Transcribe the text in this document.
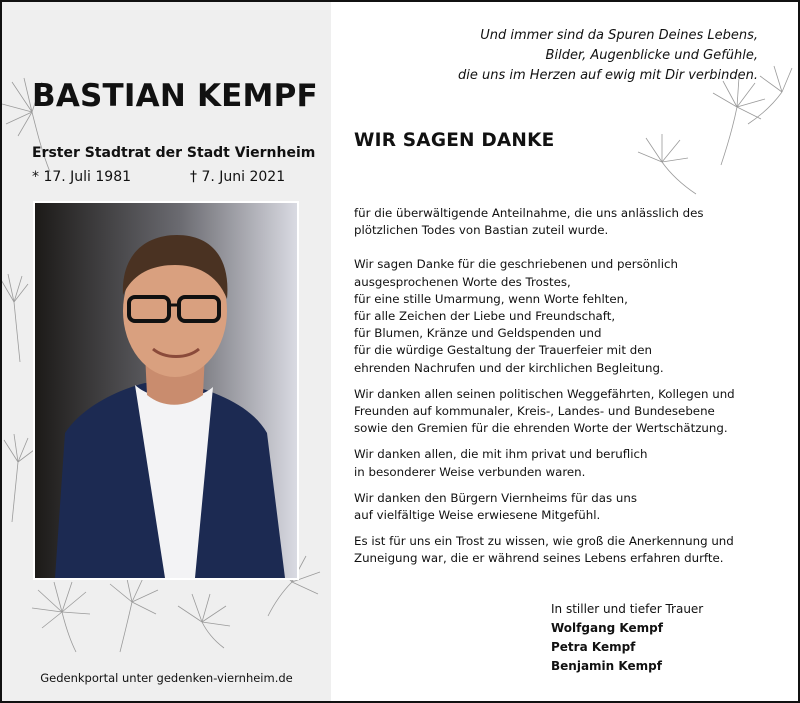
BASTIAN KEMPF
Erster Stadtrat der Stadt Viernheim
* 17. Juli 1981	† 7. Juni 2021
Gedenkportal unter gedenken-viernheim.de
Und immer sind da Spuren Deines Lebens,
Bilder, Augenblicke und Gefühle,
die uns im Herzen auf ewig mit Dir verbinden.
WIR SAGEN DANKE

für die überwältigende Anteilnahme, die uns anlässlich des
plötzlichen Todes von Bastian zuteil wurde.

Wir sagen Danke für die geschriebenen und persönlich
ausgesprochenen Worte des Trostes,
für eine stille Umarmung, wenn Worte fehlten,
für alle Zeichen der Liebe und Freundschaft,
für Blumen, Kränze und Geldspenden und
für die würdige Gestaltung der Trauerfeier mit den
ehrenden Nachrufen und der kirchlichen Begleitung.

Wir danken allen seinen politischen Weggefährten, Kollegen und
Freunden auf kommunaler, Kreis-, Landes- und Bundesebene
sowie den Gremien für die ehrenden Worte der Wertschätzung.

Wir danken allen, die mit ihm privat und beruflich
in besonderer Weise verbunden waren.

Wir danken den Bürgern Viernheims für das uns
auf vielfältige Weise erwiesene Mitgefühl.

Es ist für uns ein Trost zu wissen, wie groß die Anerkennung und
Zuneigung war, die er während seines Lebens erfahren durfte.

In stiller und tiefer Trauer
Wolfgang Kempf
Petra Kempf
Benjamin Kempf
